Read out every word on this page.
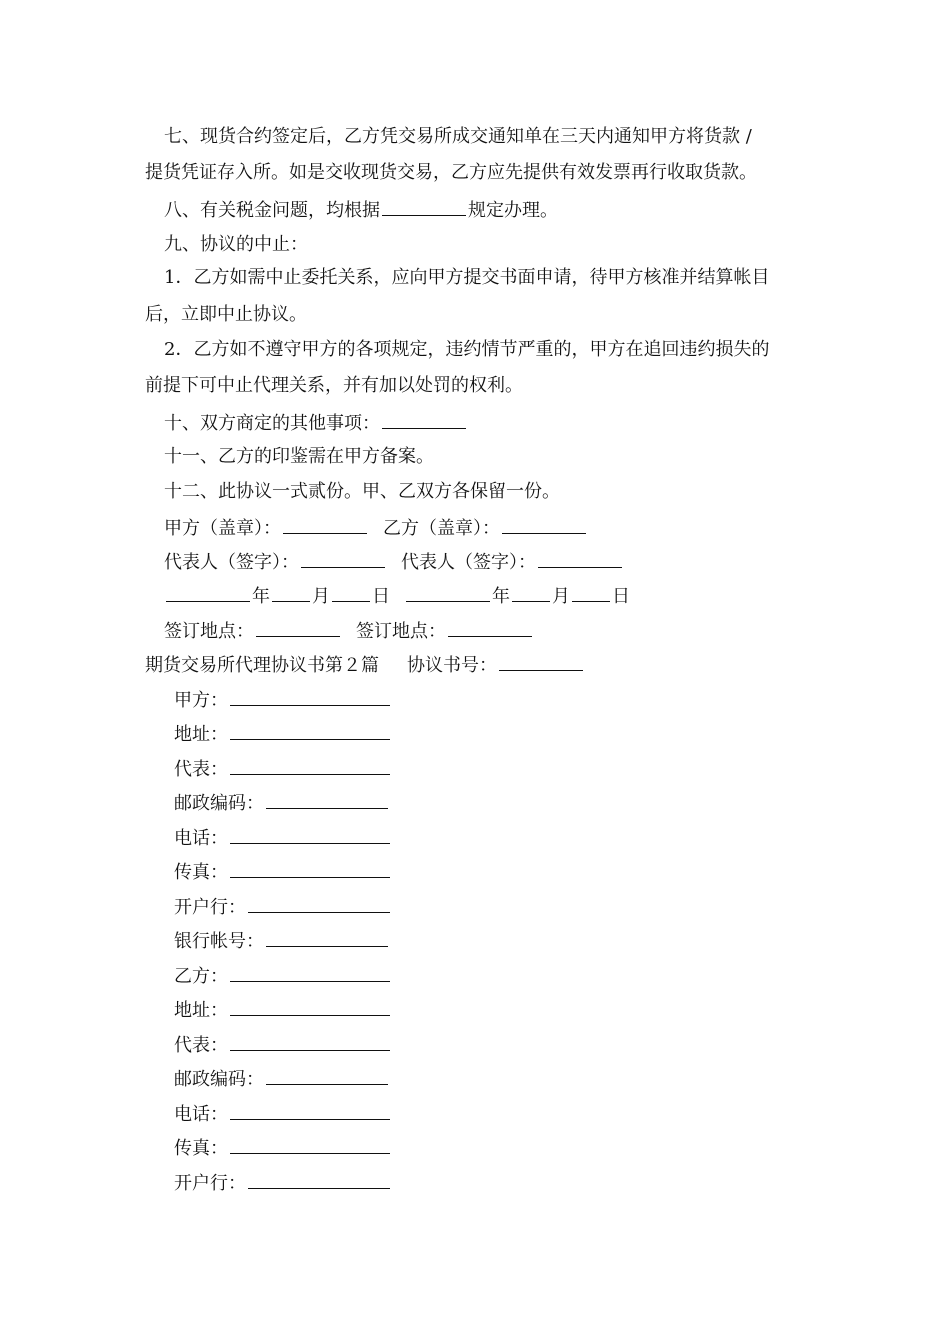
七、现货合约签定后，乙方凭交易所成交通知单在三天内通知甲方将货款 /
提货凭证存入所。如是交收现货交易，乙方应先提供有效发票再行收取货款。
八、有关税金问题，均根据	规定办理。
九、协议的中止：
1．乙方如需中止委托关系，应向甲方提交书面申请，待甲方核准并结算帐目
后，立即中止协议。
2．乙方如不遵守甲方的各项规定，违约情节严重的，甲方在追回违约损失的
前提下可中止代理关系，并有加以处罚的权利。
十、双方商定的其他事项：
十一、乙方的印鉴需在甲方备案。
十二、此协议一式贰份。甲、乙双方各保留一份。
甲方（盖章）：	乙方（盖章）：
代表人（签字）：	代表人（签字）：
年 月 日	年 月 日
签订地点：	签订地点：
期货交易所代理协议书第２篇 协议书号：
甲方：
地址：
代表：
邮政编码：
电话：
传真：
开户行：
银行帐号：
乙方：
地址：
代表：
邮政编码：
电话：
传真：
开户行：
